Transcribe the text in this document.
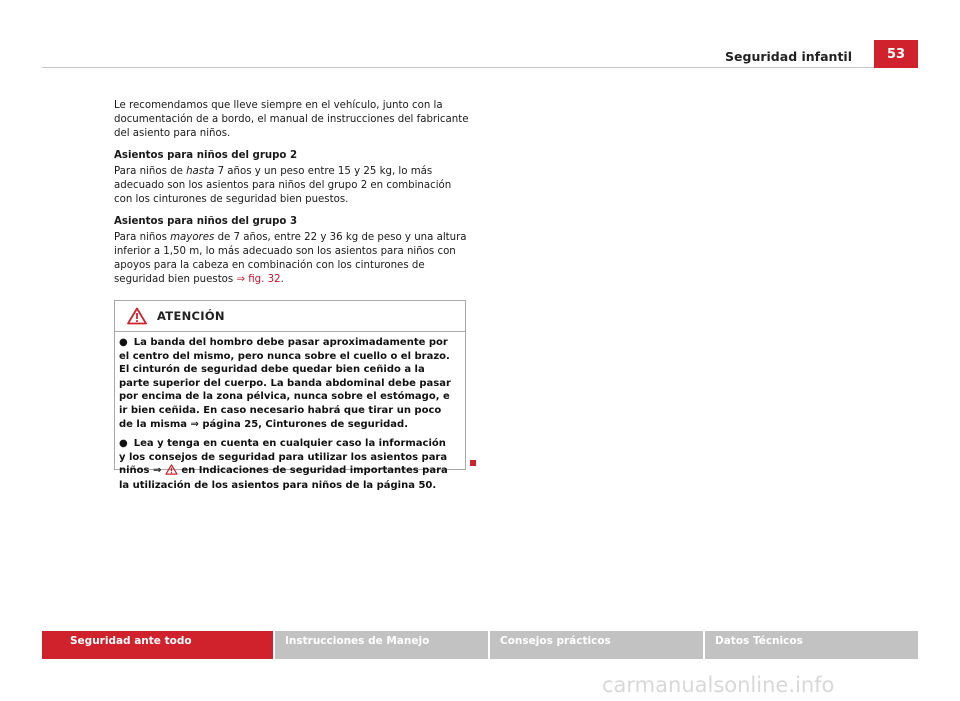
Seguridad infantil	53

Le recomendamos que lleve siempre en el vehículo, junto con la documentación de a bordo, el manual de instrucciones del fabricante del asiento para niños.

Asientos para niños del grupo 2

Para niños de hasta 7 años y un peso entre 15 y 25 kg, lo más adecuado son los asientos para niños del grupo 2 en combinación con los cinturones de seguridad bien puestos.

Asientos para niños del grupo 3

Para niños mayores de 7 años, entre 22 y 36 kg de peso y una altura inferior a 1,50 m, lo más adecuado son los asientos para niños con apoyos para la cabeza en combinación con los cinturones de seguridad bien puestos ⇒ fig. 32.

ATENCIÓN
● La banda del hombro debe pasar aproximadamente por el centro del mismo, pero nunca sobre el cuello o el brazo. El cinturón de seguridad debe quedar bien ceñido a la parte superior del cuerpo. La banda abdominal debe pasar por encima de la zona pélvica, nunca sobre el estómago, e ir bien ceñida. En caso necesario habrá que tirar un poco de la misma ⇒ página 25, Cinturones de seguridad.
● Lea y tenga en cuenta en cualquier caso la información y los consejos de seguridad para utilizar los asientos para niños ⇒  en Indicaciones de seguridad importantes para la utilización de los asientos para niños de la página 50.
Seguridad ante todo	Instrucciones de Manejo	Consejos prácticos	Datos Técnicos
carmanualsonline.info
